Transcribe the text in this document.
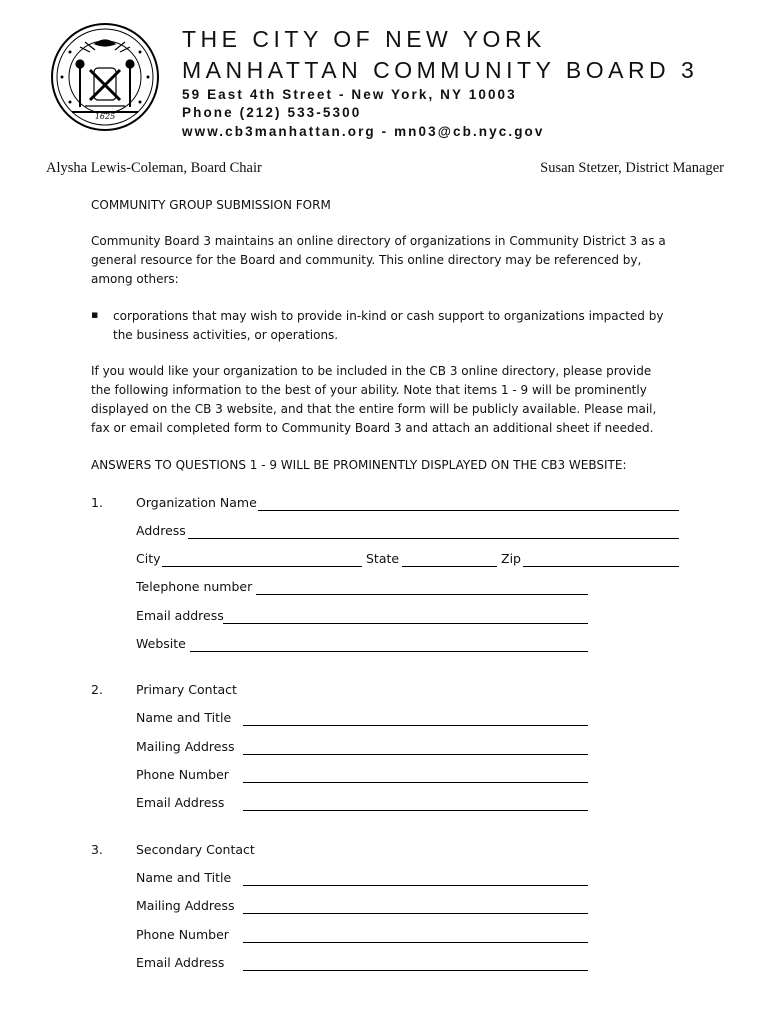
1625
THE CITY OF NEW YORK
MANHATTAN COMMUNITY BOARD 3
59 East 4th Street - New York, NY 10003
Phone (212) 533-5300
www.cb3manhattan.org - mn03@cb.nyc.gov
Alysha Lewis-Coleman, Board Chair	Susan Stetzer, District Manager
COMMUNITY GROUP SUBMISSION FORM
Community Board 3 maintains an online directory of organizations in Community District 3 as a
general resource for the Board and community. This online directory may be referenced by,
among others:
▪ corporations that may wish to provide in-kind or cash support to organizations impacted by
the business activities, or operations.
If you would like your organization to be included in the CB 3 online directory, please provide
the following information to the best of your ability. Note that items 1 - 9 will be prominently
displayed on the CB 3 website, and that the entire form will be publicly available. Please mail,
fax or email completed form to Community Board 3 and attach an additional sheet if needed.
ANSWERS TO QUESTIONS 1 - 9 WILL BE PROMINENTLY DISPLAYED ON THE CB3 WEBSITE:
1.	Organization Name
Address
City	State	Zip
Telephone number
Email address
Website
2.	Primary Contact
Name and Title
Mailing Address
Phone Number
Email Address
3.	Secondary Contact
Name and Title
Mailing Address
Phone Number
Email Address
